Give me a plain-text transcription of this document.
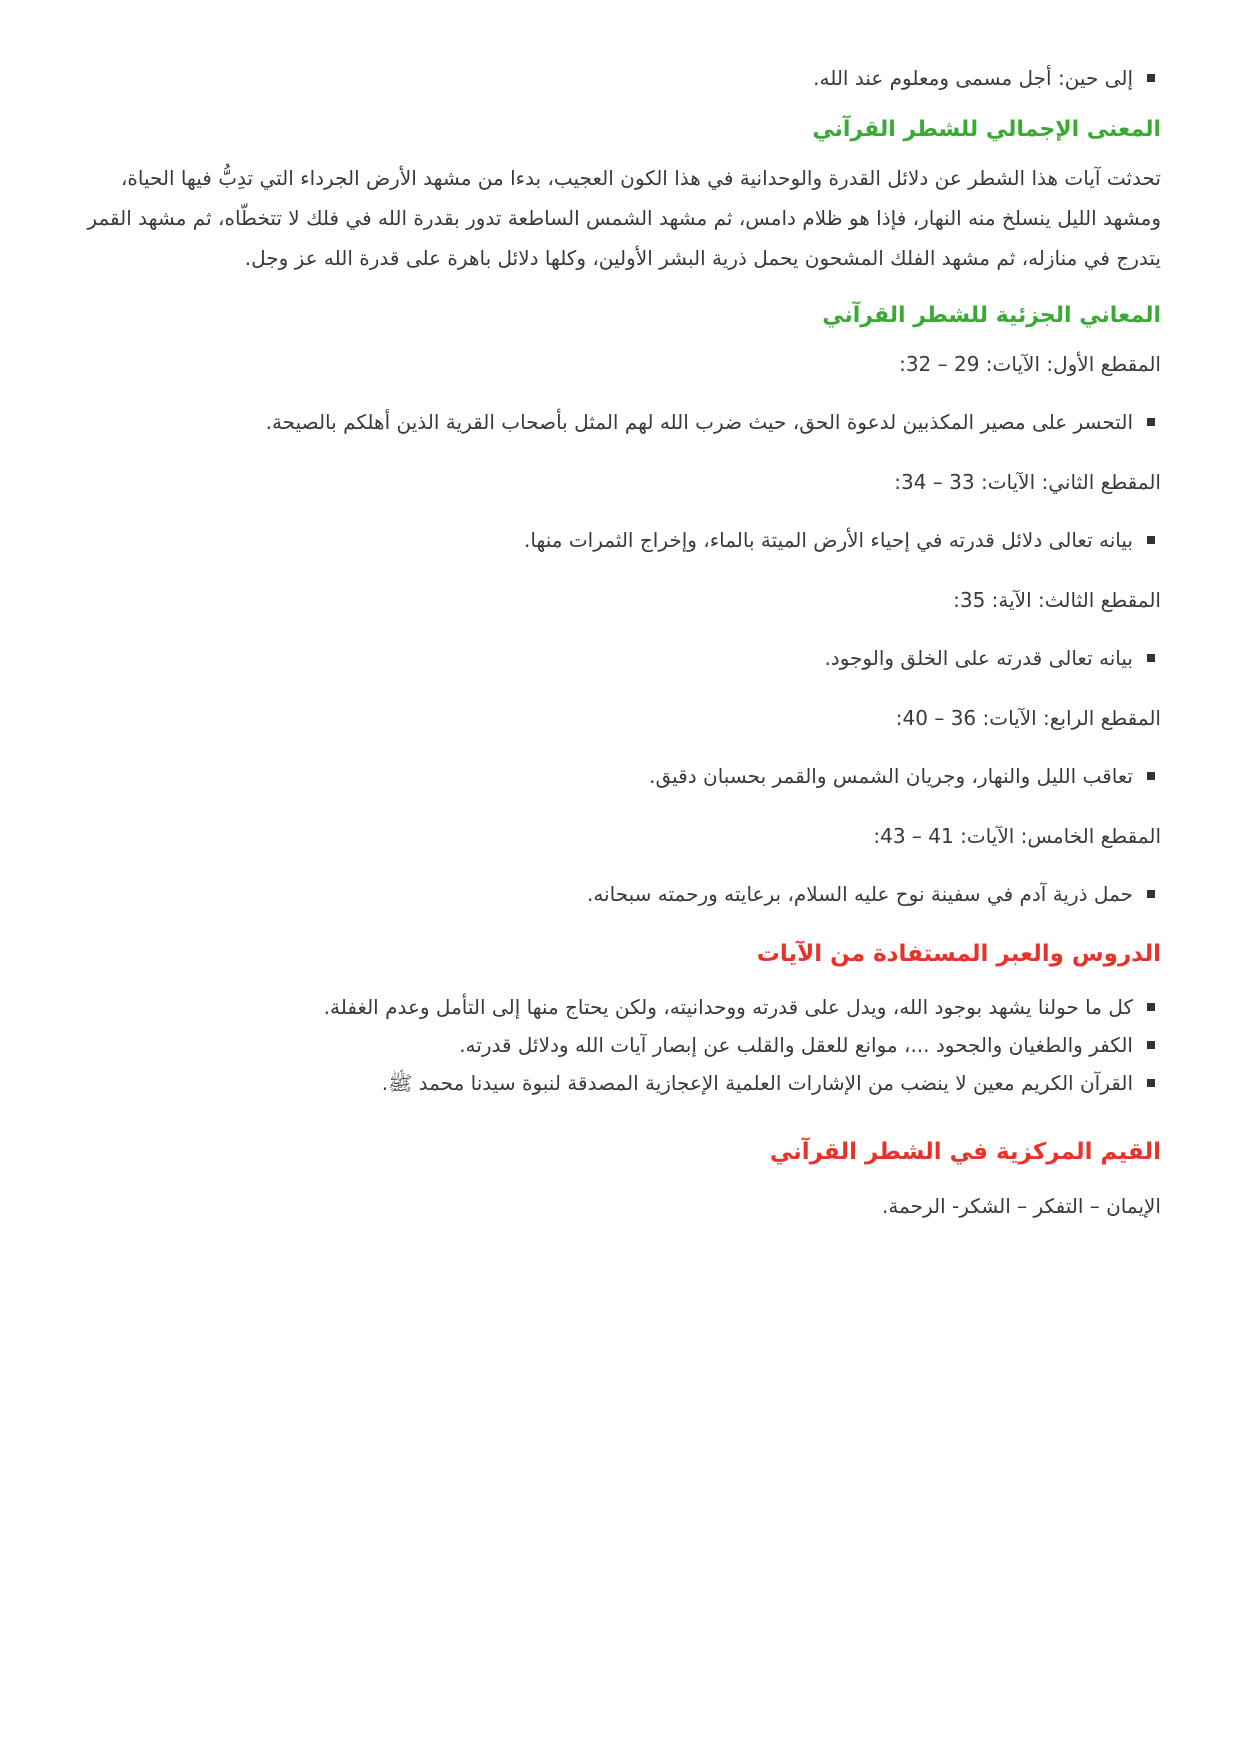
إلى حين: أجل مسمى ومعلوم عند الله.

المعنى الإجمالي للشطر القرآني

تحدثت آيات هذا الشطر عن دلائل القدرة والوحدانية في هذا الكون العجيب، بدءا من مشهد الأرض الجرداء التي تدِبُّ فيها الحياة،

ومشهد الليل ينسلخ منه النهار، فإذا هو ظلام دامس، ثم مشهد الشمس الساطعة تدور بقدرة الله في فلك لا تتخطّاه، ثم مشهد القمر

يتدرج في منازله، ثم مشهد الفلك المشحون يحمل ذرية البشر الأولين، وكلها دلائل باهرة على قدرة الله عز وجل.

المعاني الجزئية للشطر القرآني

المقطع الأول: الآيات: 29 – 32:

التحسر على مصير المكذبين لدعوة الحق، حيث ضرب الله لهم المثل بأصحاب القرية الذين أهلكم بالصيحة.

المقطع الثاني: الآيات: 33 – 34:

بيانه تعالى دلائل قدرته في إحياء الأرض الميتة بالماء، وإخراج الثمرات منها.

المقطع الثالث: الآية: 35:

بيانه تعالى قدرته على الخلق والوجود.

المقطع الرابع: الآيات: 36 – 40:

تعاقب الليل والنهار، وجريان الشمس والقمر بحسبان دقيق.

المقطع الخامس: الآيات: 41 – 43:

حمل ذرية آدم في سفينة نوح عليه السلام، برعايته ورحمته سبحانه.

الدروس والعبر المستفادة من الآيات

كل ما حولنا يشهد بوجود الله، ويدل على قدرته ووحدانيته، ولكن يحتاج منها إلى التأمل وعدم الغفلة.

الكفر والطغيان والجحود ...، موانع للعقل والقلب عن إبصار آيات الله ودلائل قدرته.

القرآن الكريم معين لا ينضب من الإشارات العلمية الإعجازية المصدقة لنبوة سيدنا محمد ﷺ.

القيم المركزية في الشطر القرآني

الإيمان – التفكر – الشكر- الرحمة.
